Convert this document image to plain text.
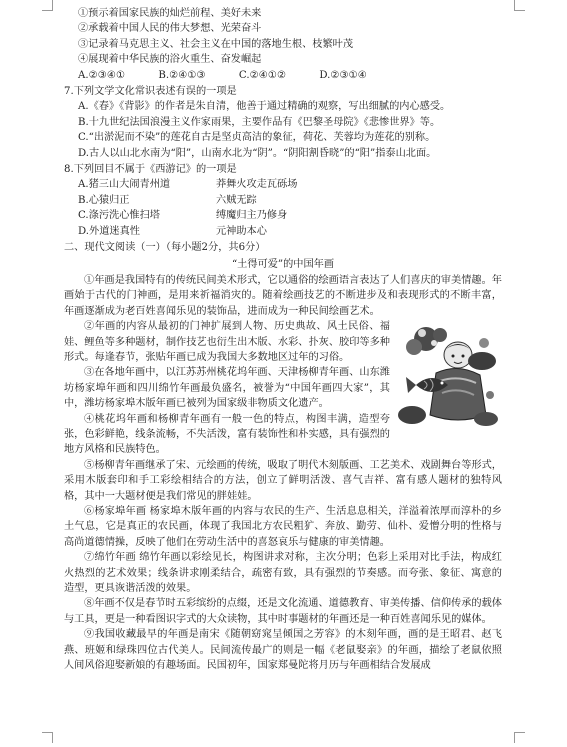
①预示着国家民族的灿烂前程、美好未来
②承载着中国人民的伟大梦想、光荣奋斗
③记录着马克思主义、社会主义在中国的落地生根、枝繁叶茂
④展现着中华民族的浴火重生、奋发崛起
A.②③④①	B.②④①③	C.②④①②	D.②③①④
7.下列文学文化常识表述有误的一项是
A.《春》《背影》的作者是朱自清，他善于通过精确的观察，写出细腻的内心感受。
B.十九世纪法国浪漫主义作家雨果，主要作品有《巴黎圣母院》《悲惨世界》等。
C.“出淤泥而不染”的莲花自古是坚贞高洁的象征，荷花、芙蓉均为莲花的别称。
D.古人以山北水南为“阳”，山南水北为“阴”。“阴阳割昏晓”的“阳”指泰山北面。
8.下列回目不属于《西游记》的一项是
A.猪三山大闹青州道	莽舞火攻走瓦砾场
B.心猿归正	六贼无踪
C.涤污洗心惟扫塔	缚魔归主乃修身
D.外道迷真性	元神助本心
二、现代文阅读（一）（每小题2分，共6分）
“土得可爱”的中国年画
①年画是我国特有的传统民间美术形式，它以通俗的绘画语言表达了人们喜庆的审美情趣。年画始于古代的门神画，是用来祈福消灾的。随着绘画技艺的不断进步及和表现形式的不断丰富，年画逐渐成为老百姓喜闻乐见的装饰品，进而成为一种民间绘画艺术。
②年画的内容从最初的门神扩展到人物、历史典故、风土民俗、福娃、鲤鱼等多种题材，制作技艺也衍生出木版、水彩、扑灰、胶印等多种形式。每逢春节，张贴年画已成为我国大多数地区过年的习俗。
③在各地年画中，以江苏苏州桃花坞年画、天津杨柳青年画、山东潍坊杨家埠年画和四川绵竹年画最负盛名，被誉为“中国年画四大家”，其中，潍坊杨家埠木版年画已被列为国家级非物质文化遗产。
④桃花坞年画和杨柳青年画有一般一色的特点，构图丰满，造型夸张，色彩鲜艳，线条流畅，不失活泼，富有装饰性和朴实感，具有强烈的地方风格和民族特色。
⑤杨柳青年画继承了宋、元绘画的传统，吸取了明代木刻版画、工艺美术、戏剧舞台等形式，采用木版套印和手工彩绘相结合的方法，创立了鲜明活泼、喜气吉祥、富有感人题材的独特风格，其中一大题材便是我们常见的胖娃娃。
⑥杨家埠年画 杨家埠木版年画的内容与农民的生产、生活息息相关，洋溢着浓厚而淳朴的乡土气息，它是真正的农民画，体现了我国北方农民粗犷、奔放、勤劳、仙朴、爱憎分明的性格与高尚道德情操，反映了他们在劳动生活中的喜怒哀乐与健康的审美情趣。
⑦绵竹年画 绵竹年画以彩绘见长，构图讲求对称，主次分明；色彩上采用对比手法，构成红火热烈的艺术效果；线条讲求刚柔结合，疏密有致，具有强烈的节奏感。而夸张、象征、寓意的造型，更具诙谐活泼的效果。
⑧年画不仅是春节时五彩缤纷的点缀，还是文化流通、道德教育、审美传播、信仰传承的载体与工具，更是一种看图识字式的大众读物，其中时事题材的年画还是一种百姓喜闻乐见的媒体。
⑨我国收藏最早的年画是南宋《随朝窈窕呈倾国之芳容》的木刻年画，画的是王昭君、赵飞燕、班姬和绿珠四位古代美人。民间流传最广的则是一幅《老鼠娶亲》的年画，描绘了老鼠依照人间风俗迎娶新娘的有趣场面。民国初年，国家郑曼陀将月历与年画相结合发展成
